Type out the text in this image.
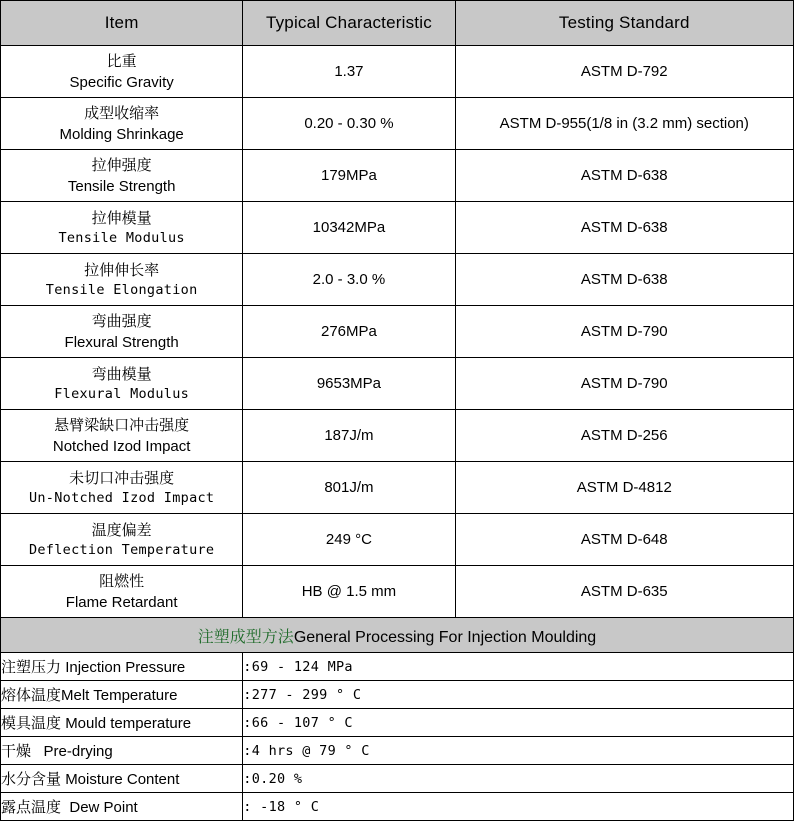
Item	Typical Characteristic	Testing Standard

比重
Specific Gravity	1.37	ASTM D-792

成型收缩率
Molding Shrinkage	0.20 - 0.30 %	ASTM D-955(1/8 in (3.2 mm) section)

拉伸强度
Tensile Strength	179MPa	ASTM D-638

拉伸模量
Tensile Modulus	10342MPa	ASTM D-638

拉伸伸长率
Tensile Elongation	2.0 - 3.0 %	ASTM D-638

弯曲强度
Flexural Strength	276MPa	ASTM D-790

弯曲模量
Flexural Modulus	9653MPa	ASTM D-790

悬臂梁缺口冲击强度
Notched Izod Impact	187J/m	ASTM D-256

未切口冲击强度
Un-Notched Izod Impact	801J/m	ASTM D-4812

温度偏差
Deflection Temperature	249 °C	ASTM D-648

阻燃性
Flame Retardant	HB @ 1.5 mm	ASTM D-635
注塑成型方法General Processing For Injection Moulding		
注塑压力 Injection Pressure	:69 - 124 MPa	
熔体温度Melt Temperature	:277 - 299 ° C	
模具温度 Mould temperature	:66 - 107 ° C	
干燥 Pre-drying	:4 hrs @ 79 ° C	
水分含量 Moisture Content	:0.20 %	
露点温度 Dew Point	: -18 ° C	
